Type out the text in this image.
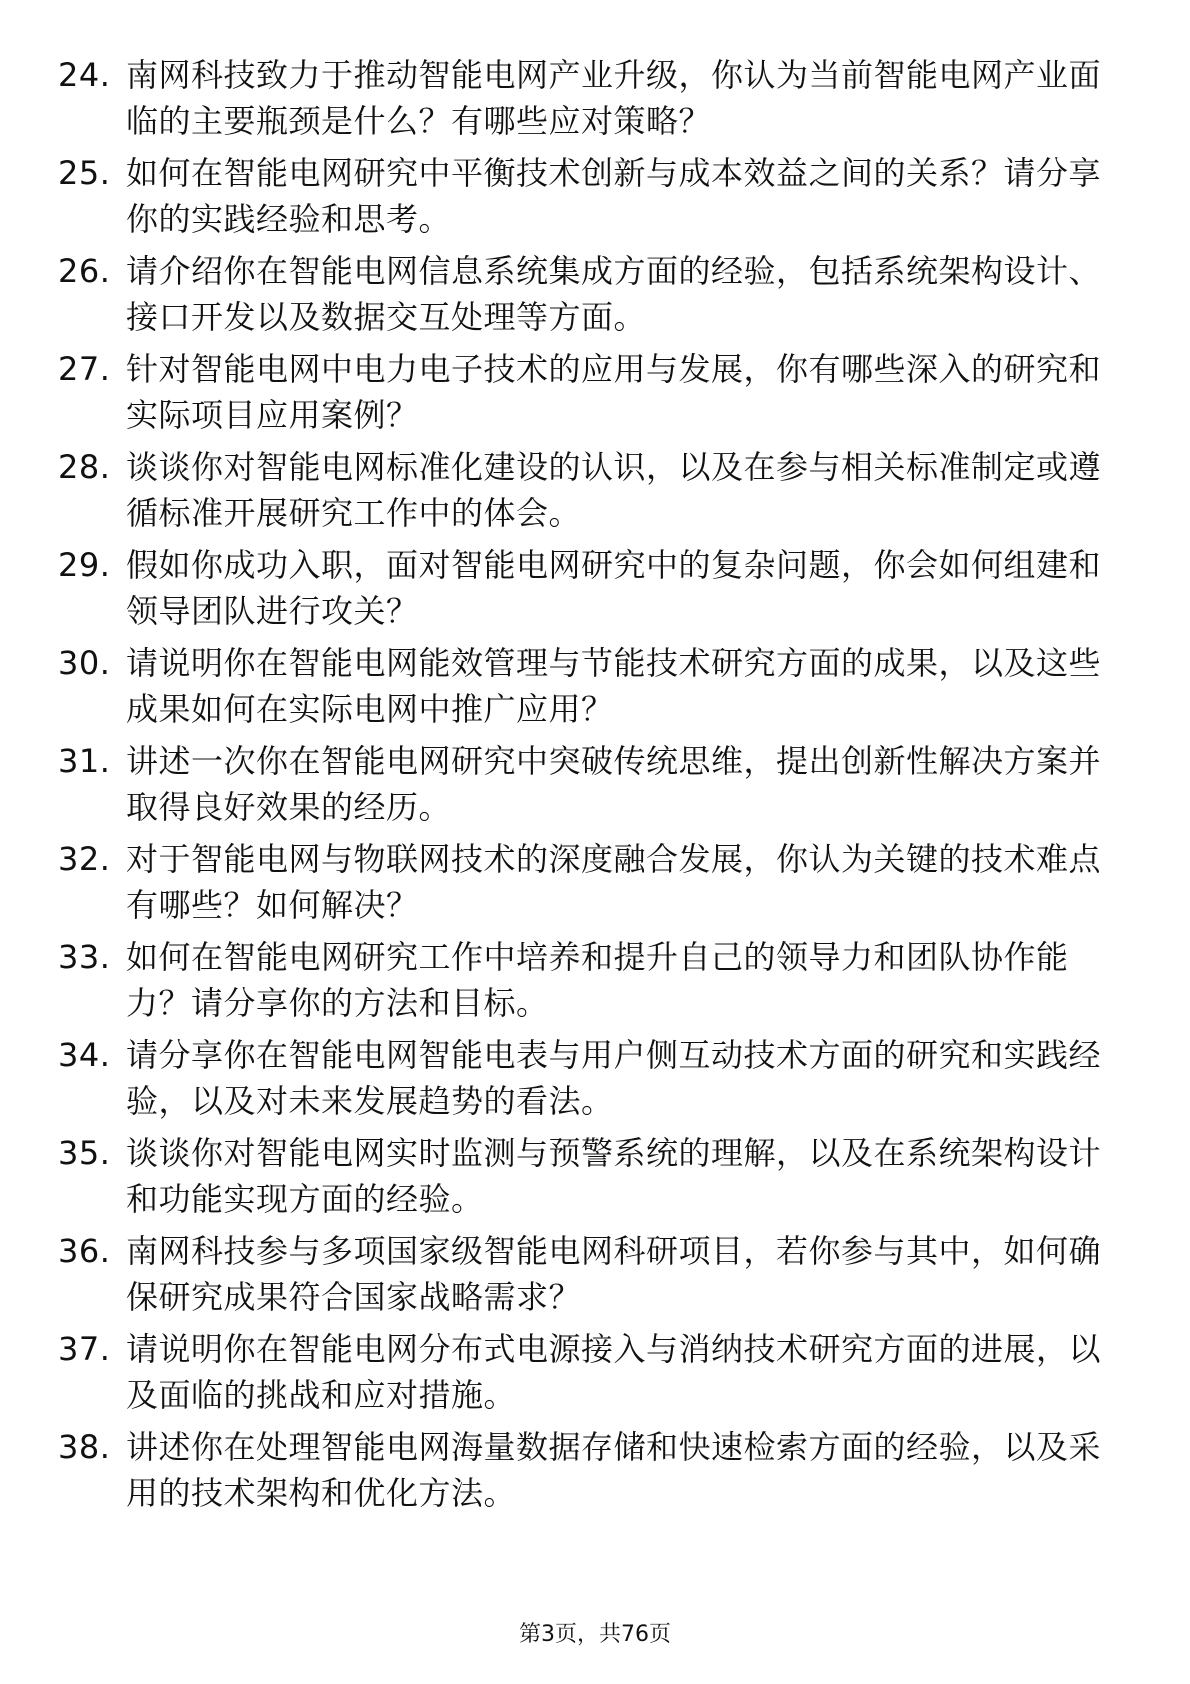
24. 南网科技致力于推动智能电网产业升级，你认为当前智能电网产业面临的主要瓶颈是什么？有哪些应对策略？
25. 如何在智能电网研究中平衡技术创新与成本效益之间的关系？请分享你的实践经验和思考。
26. 请介绍你在智能电网信息系统集成方面的经验，包括系统架构设计、接口开发以及数据交互处理等方面。
27. 针对智能电网中电力电子技术的应用与发展，你有哪些深入的研究和实际项目应用案例？
28. 谈谈你对智能电网标准化建设的认识，以及在参与相关标准制定或遵循标准开展研究工作中的体会。
29. 假如你成功入职，面对智能电网研究中的复杂问题，你会如何组建和领导团队进行攻关？
30. 请说明你在智能电网能效管理与节能技术研究方面的成果，以及这些成果如何在实际电网中推广应用？
31. 讲述一次你在智能电网研究中突破传统思维，提出创新性解决方案并取得良好效果的经历。
32. 对于智能电网与物联网技术的深度融合发展，你认为关键的技术难点有哪些？如何解决？
33. 如何在智能电网研究工作中培养和提升自己的领导力和团队协作能力？请分享你的方法和目标。
34. 请分享你在智能电网智能电表与用户侧互动技术方面的研究和实践经验，以及对未来发展趋势的看法。
35. 谈谈你对智能电网实时监测与预警系统的理解，以及在系统架构设计和功能实现方面的经验。
36. 南网科技参与多项国家级智能电网科研项目，若你参与其中，如何确保研究成果符合国家战略需求？
37. 请说明你在智能电网分布式电源接入与消纳技术研究方面的进展，以及面临的挑战和应对措施。
38. 讲述你在处理智能电网海量数据存储和快速检索方面的经验，以及采用的技术架构和优化方法。
第3页，共76页
